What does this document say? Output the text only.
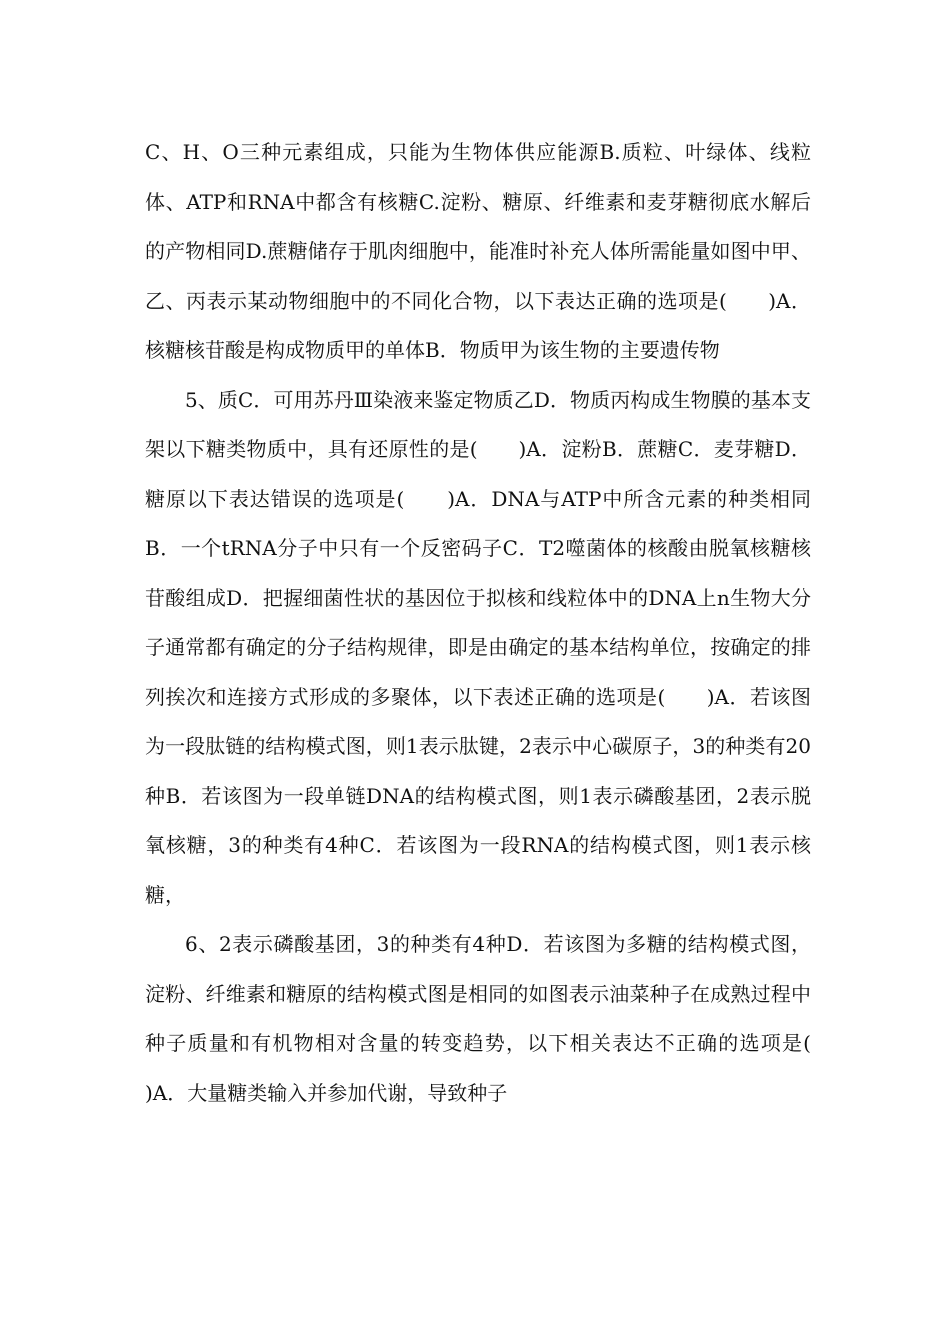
C、H、O三种元素组成，只能为生物体供应能源B.质粒、叶绿体、线粒体、ATP和RNA中都含有核糖C.淀粉、糖原、纤维素和麦芽糖彻底水解后的产物相同D.蔗糖储存于肌肉细胞中，能准时补充人体所需能量如图中甲、乙、丙表示某动物细胞中的不同化合物，以下表达正确的选项是(　　)A．核糖核苷酸是构成物质甲的单体B．物质甲为该生物的主要遗传物

5、质C．可用苏丹Ⅲ染液来鉴定物质乙D．物质丙构成生物膜的基本支架以下糖类物质中，具有还原性的是(　　)A．淀粉B．蔗糖C．麦芽糖D．糖原以下表达错误的选项是(　　)A．DNA与ATP中所含元素的种类相同B．一个tRNA分子中只有一个反密码子C．T2噬菌体的核酸由脱氧核糖核苷酸组成D．把握细菌性状的基因位于拟核和线粒体中的DNA上n生物大分子通常都有确定的分子结构规律，即是由确定的基本结构单位，按确定的排列挨次和连接方式形成的多聚体，以下表述正确的选项是(　　)A．若该图为一段肽链的结构模式图，则1表示肽键，2表示中心碳原子，3的种类有20种B．若该图为一段单链DNA的结构模式图，则1表示磷酸基团，2表示脱氧核糖，3的种类有4种C．若该图为一段RNA的结构模式图，则1表示核糖，

6、2表示磷酸基团，3的种类有4种D．若该图为多糖的结构模式图，淀粉、纤维素和糖原的结构模式图是相同的如图表示油菜种子在成熟过程中种子质量和有机物相对含量的转变趋势，以下相关表达不正确的选项是(　　)A．大量糖类输入并参加代谢，导致种子
